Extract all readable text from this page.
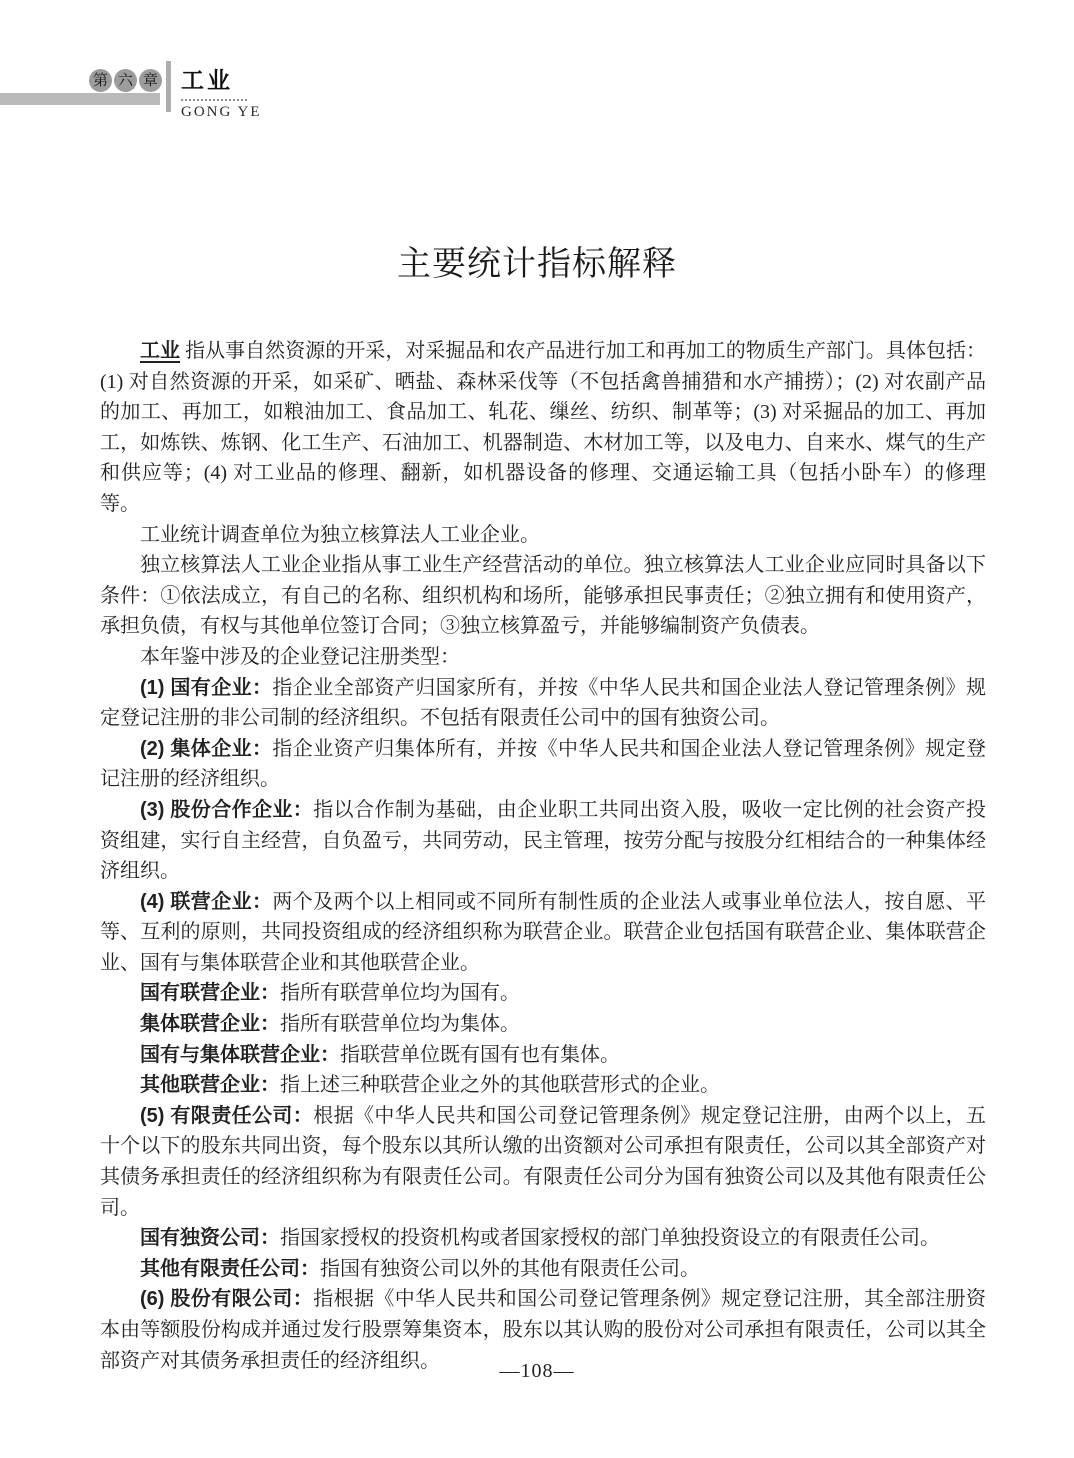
第 六 章 工业
GONG YE
主要统计指标解释

工业 指从事自然资源的开采，对采掘品和农产品进行加工和再加工的物质生产部门。具体包括：(1) 对自然资源的开采，如采矿、晒盐、森林采伐等（不包括禽兽捕猎和水产捕捞）；(2) 对农副产品的加工、再加工，如粮油加工、食品加工、轧花、缫丝、纺织、制革等；(3) 对采掘品的加工、再加工，如炼铁、炼钢、化工生产、石油加工、机器制造、木材加工等，以及电力、自来水、煤气的生产和供应等；(4) 对工业品的修理、翻新，如机器设备的修理、交通运输工具（包括小卧车）的修理等。

工业统计调查单位为独立核算法人工业企业。

独立核算法人工业企业指从事工业生产经营活动的单位。独立核算法人工业企业应同时具备以下条件：①依法成立，有自己的名称、组织机构和场所，能够承担民事责任；②独立拥有和使用资产，承担负债，有权与其他单位签订合同；③独立核算盈亏，并能够编制资产负债表。

本年鉴中涉及的企业登记注册类型：

(1) 国有企业：指企业全部资产归国家所有，并按《中华人民共和国企业法人登记管理条例》规定登记注册的非公司制的经济组织。不包括有限责任公司中的国有独资公司。

(2) 集体企业：指企业资产归集体所有，并按《中华人民共和国企业法人登记管理条例》规定登记注册的经济组织。

(3) 股份合作企业：指以合作制为基础，由企业职工共同出资入股，吸收一定比例的社会资产投资组建，实行自主经营，自负盈亏，共同劳动，民主管理，按劳分配与按股分红相结合的一种集体经济组织。

(4) 联营企业：两个及两个以上相同或不同所有制性质的企业法人或事业单位法人，按自愿、平等、互利的原则，共同投资组成的经济组织称为联营企业。联营企业包括国有联营企业、集体联营企业、国有与集体联营企业和其他联营企业。

国有联营企业：指所有联营单位均为国有。

集体联营企业：指所有联营单位均为集体。

国有与集体联营企业：指联营单位既有国有也有集体。

其他联营企业：指上述三种联营企业之外的其他联营形式的企业。

(5) 有限责任公司：根据《中华人民共和国公司登记管理条例》规定登记注册，由两个以上，五十个以下的股东共同出资，每个股东以其所认缴的出资额对公司承担有限责任，公司以其全部资产对其债务承担责任的经济组织称为有限责任公司。有限责任公司分为国有独资公司以及其他有限责任公司。

国有独资公司：指国家授权的投资机构或者国家授权的部门单独投资设立的有限责任公司。

其他有限责任公司：指国有独资公司以外的其他有限责任公司。

(6) 股份有限公司：指根据《中华人民共和国公司登记管理条例》规定登记注册，其全部注册资本由等额股份构成并通过发行股票筹集资本，股东以其认购的股份对公司承担有限责任，公司以其全部资产对其债务承担责任的经济组织。	—108—
